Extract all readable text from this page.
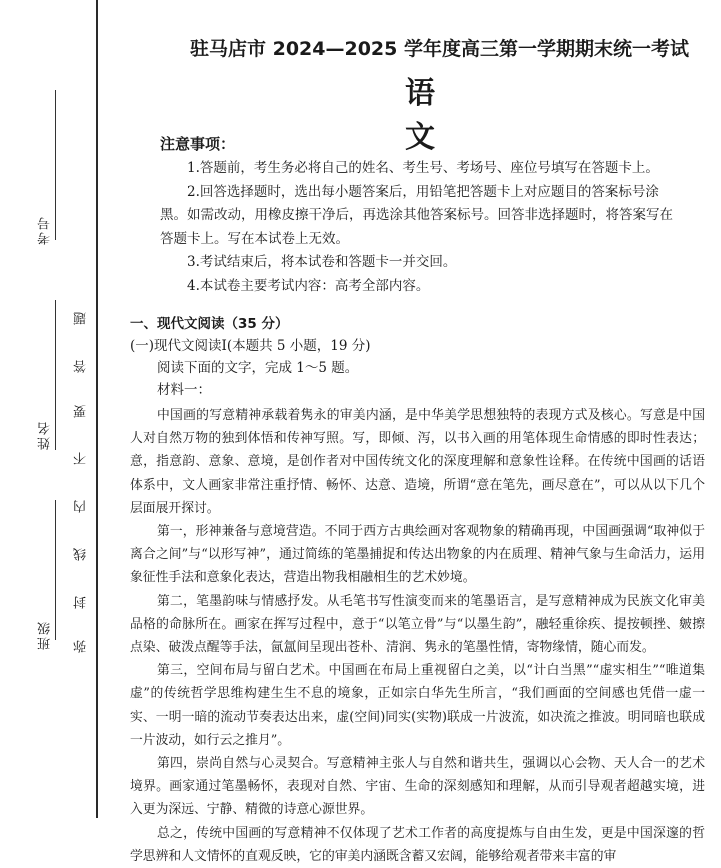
考号
姓名
班级
题
答
要
不
内
线
封
弥
驻马店市 2024—2025 学年度高三第一学期期末统一考试
语 文
注意事项：

1.答题前，考生务必将自己的姓名、考生号、考场号、座位号填写在答题卡上。

2.回答选择题时，选出每小题答案后，用铅笔把答题卡上对应题目的答案标号涂黑。如需改动，用橡皮擦干净后，再选涂其他答案标号。回答非选择题时，将答案写在答题卡上。写在本试卷上无效。

3.考试结束后，将本试卷和答题卡一并交回。

4.本试卷主要考试内容：高考全部内容。

一、现代文阅读（35 分）

(一)现代文阅读Ⅰ(本题共 5 小题，19 分)

阅读下面的文字，完成 1～5 题。

材料一：

中国画的写意精神承载着隽永的审美内涵，是中华美学思想独特的表现方式及核心。写意是中国人对自然万物的独到体悟和传神写照。写，即倾、泻，以书入画的用笔体现生命情感的即时性表达；意，指意韵、意象、意境，是创作者对中国传统文化的深度理解和意象性诠释。在传统中国画的话语体系中，文人画家非常注重抒情、畅怀、达意、造境，所谓“意在笔先，画尽意在”，可以从以下几个层面展开探讨。

第一，形神兼备与意境营造。不同于西方古典绘画对客观物象的精确再现，中国画强调“取神似于离合之间”与“以形写神”，通过简练的笔墨捕捉和传达出物象的内在质理、精神气象与生命活力，运用象征性手法和意象化表达，营造出物我相融相生的艺术妙境。

第二，笔墨韵味与情感抒发。从毛笔书写性演变而来的笔墨语言，是写意精神成为民族文化审美品格的命脉所在。画家在挥写过程中，意于“以笔立骨”与“以墨生韵”，融轻重徐疾、提按顿挫、皴擦点染、破泼点醒等手法，氤氲间呈现出苍朴、清润、隽永的笔墨性情，寄物缘情，随心而发。

第三，空间布局与留白艺术。中国画在布局上重视留白之美，以“计白当黑”“虚实相生”“唯道集虚”的传统哲学思维构建生生不息的境象，正如宗白华先生所言，“我们画面的空间感也凭借一虚一实、一明一暗的流动节奏表达出来，虚(空间)同实(实物)联成一片波流，如决流之推波。明同暗也联成一片波动，如行云之推月”。

第四，崇尚自然与心灵契合。写意精神主张人与自然和谐共生，强调以心会物、天人合一的艺术境界。画家通过笔墨畅怀，表现对自然、宇宙、生命的深刻感知和理解，从而引导观者超越实境，进入更为深远、宁静、精微的诗意心源世界。

总之，传统中国画的写意精神不仅体现了艺术工作者的高度提炼与自由生发，更是中国深邃的哲学思辨和人文情怀的直观反映，它的审美内涵既含蓄又宏阔，能够给观者带来丰富的审
